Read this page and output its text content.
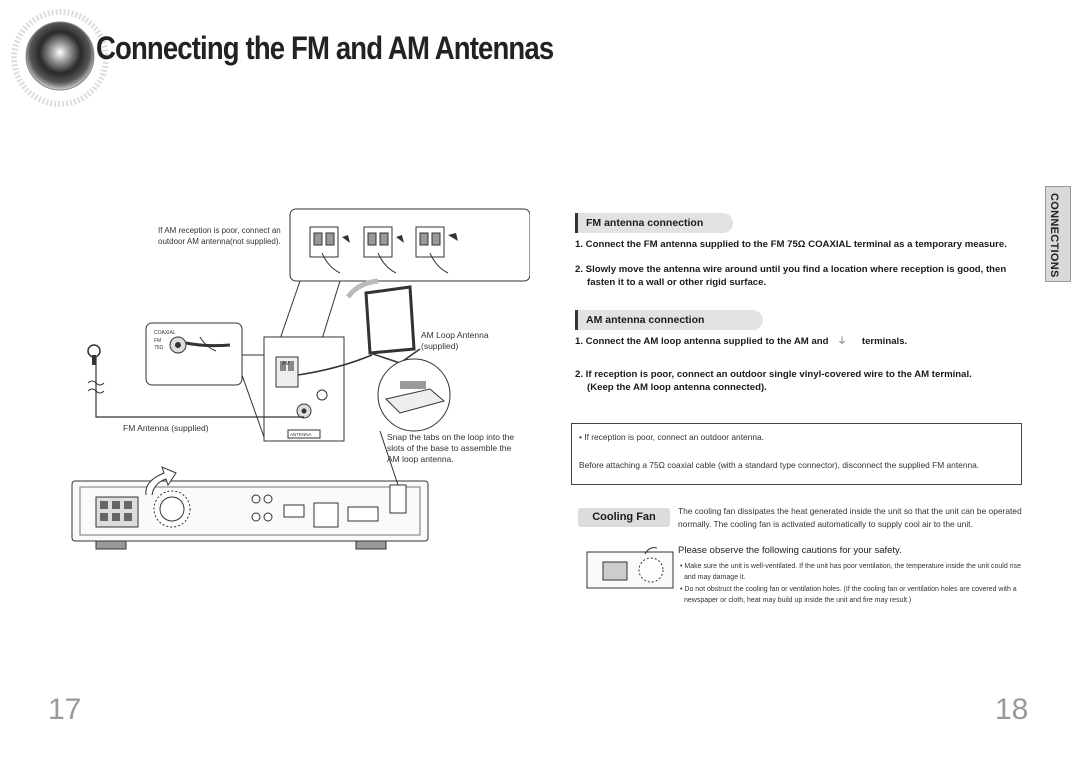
Connecting the FM and AM Antennas
CONNECTIONS
If AM reception is poor, connect an outdoor AM antenna(not supplied).
COAXIAL
FM
75Ω
AM
ANTENNA
AM Loop Antenna (supplied)
FM Antenna (supplied)
Snap the tabs on the loop into the slots of the base to assemble the AM loop antenna.
FM antenna connection
1. Connect the FM antenna supplied to the FM 75Ω COAXIAL terminal as a temporary measure.
2. Slowly move the antenna wire around until you find a location where reception is good, then
fasten it to a wall or other rigid surface.
AM antenna connection
1. Connect the AM loop antenna supplied to the AM and ⏚ terminals.
2. If reception is poor, connect an outdoor single vinyl-covered wire to the AM terminal.
(Keep the AM loop antenna connected).
• If reception is poor, connect an outdoor antenna.
Before attaching a 75Ω coaxial cable (with a standard type connector), disconnect the supplied FM antenna.
Cooling Fan	The cooling fan dissipates the heat generated inside the unit so that the unit can be operated
normally. The cooling fan is activated automatically to supply cool air to the unit.
Please observe the following cautions for your safety.
• Make sure the unit is well-ventilated. If the unit has poor ventilation, the temperature inside the unit could rise
and may damage it.
• Do not obstruct the cooling fan or ventilation holes. (If the cooling fan or ventilation holes are covered with a
newspaper or cloth, heat may build up inside the unit and fire may result.)
17	18
